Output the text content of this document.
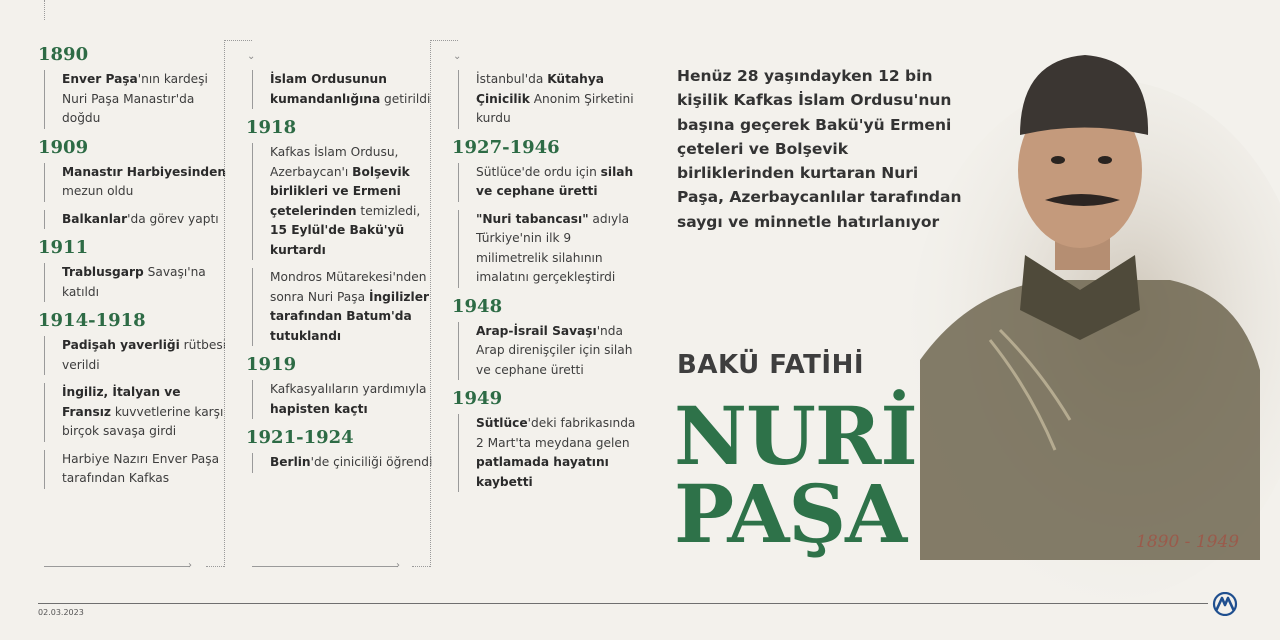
1890
Enver Paşa'nın kardeşi Nuri Paşa Manastır'da doğdu
1909
Manastır Harbiyesinden mezun oldu
Balkanlar'da görev yaptı
1911
Trablusgarp Savaşı'na katıldı
1914-1918
Padişah yaverliği rütbesi verildi
İngiliz, İtalyan ve Fransız kuvvetlerine karşı birçok savaşa girdi
Harbiye Nazırı Enver Paşa tarafından Kafkas
›
⌄
İslam Ordusunun kumandanlığına getirildi
1918
Kafkas İslam Ordusu, Azerbaycan'ı Bolşevik birlikleri ve Ermeni çetelerinden temizledi, 15 Eylül'de Bakü'yü kurtardı
Mondros Mütarekesi'nden sonra Nuri Paşa İngilizler tarafından Batum'da tutuklandı
1919
Kafkasyalıların yardımıyla hapisten kaçtı
1921-1924
Berlin'de çiniciliği öğrendi
›
⌄
İstanbul'da Kütahya Çinicilik Anonim Şirketini kurdu
1927-1946
Sütlüce'de ordu için silah ve cephane üretti
"Nuri tabancası" adıyla Türkiye'nin ilk 9 milimetrelik silahının imalatını gerçekleştirdi
1948
Arap-İsrail Savaşı'nda Arap direnişçiler için silah ve cephane üretti
1949
Sütlüce'deki fabrikasında 2 Mart'ta meydana gelen patlamada hayatını kaybetti
Henüz 28 yaşındayken 12 bin kişilik Kafkas İslam Ordusu'nun başına geçerek Bakü'yü Ermeni çeteleri ve Bolşevik birliklerinden kurtaran Nuri Paşa, Azerbaycanlılar tarafından saygı ve minnetle hatırlanıyor
BAKÜ FATİHİ
NURİ
PAŞA	1890 - 1949
02.03.2023
